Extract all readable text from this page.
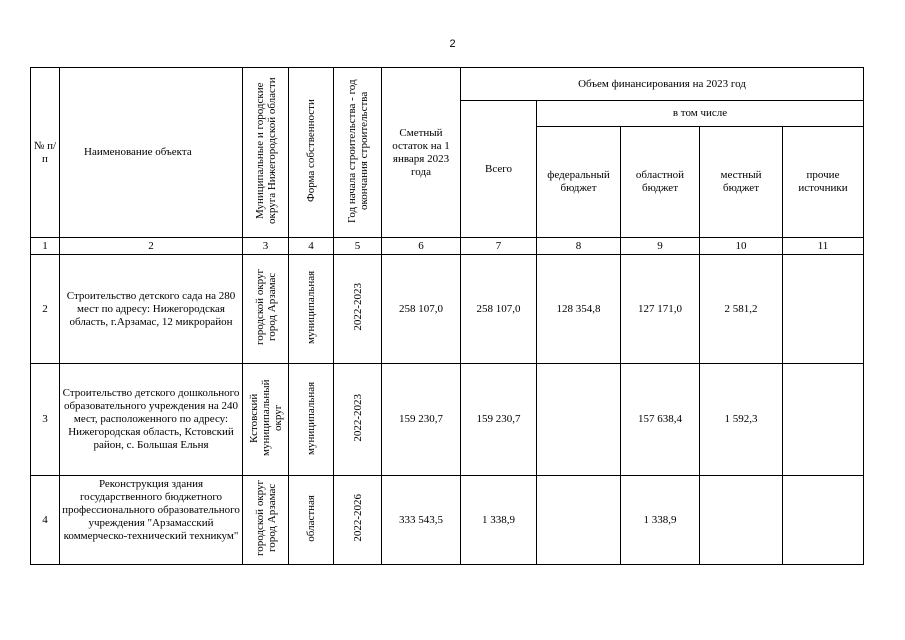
2
№ п/п	Наименование объекта	Муниципальные и городские округа Нижегородской области	Форма собственности	Год начала строительства - год окончания строительства	Сметный остаток на 1 января 2023 года	Объем финансирования на 2023 год				
						Всего	в том числе			

							федеральный бюджет	областной бюджет	местный бюджет	прочие источники

1	2	3	4	5	6	7	8	9	10	11
2	Строительство детского сада на 280 мест по адресу: Нижегородская область, г.Арзамас, 12 микрорайон	городской округ город Арзамас	муниципальная	2022-2023	258 107,0	258 107,0	128 354,8	127 171,0	2 581,2	
3	Строительство детского дошкольного образовательного учреждения на 240 мест, расположенного по адресу: Нижегородская область, Кстовский район, с. Большая Ельня	Кстовский муниципальный округ	муниципальная	2022-2023	159 230,7	159 230,7		157 638,4	1 592,3	
4	Реконструкция здания государственного бюджетного профессионального образовательного учреждения "Арзамасский коммерческо-технический техникум"	городской округ город Арзамас	областная	2022-2026	333 543,5	1 338,9		1 338,9		
